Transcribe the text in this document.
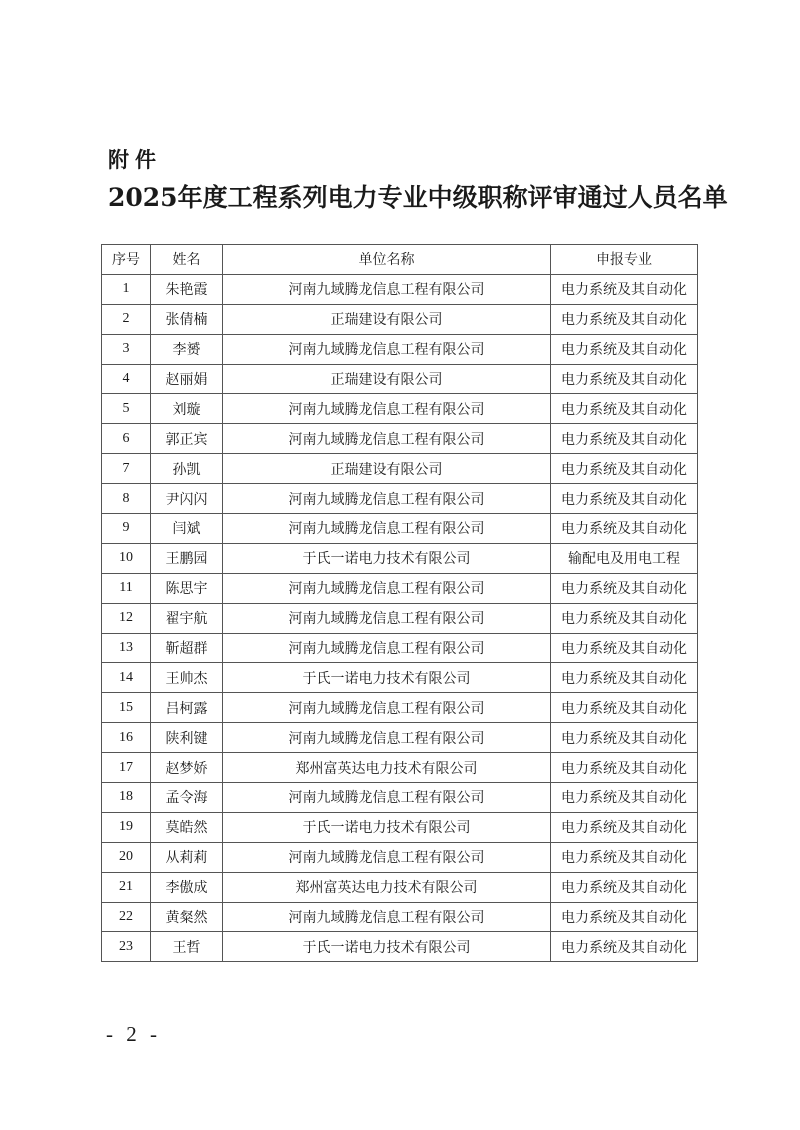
附件

2025年度工程系列电力专业中级职称评审通过人员名单
序号	姓名	单位名称	申报专业
1	朱艳霞	河南九域腾龙信息工程有限公司	电力系统及其自动化
2	张倩楠	正瑞建设有限公司	电力系统及其自动化
3	李赟	河南九域腾龙信息工程有限公司	电力系统及其自动化
4	赵丽娟	正瑞建设有限公司	电力系统及其自动化
5	刘璇	河南九域腾龙信息工程有限公司	电力系统及其自动化
6	郭正宾	河南九域腾龙信息工程有限公司	电力系统及其自动化
7	孙凯	正瑞建设有限公司	电力系统及其自动化
8	尹闪闪	河南九域腾龙信息工程有限公司	电力系统及其自动化
9	闫斌	河南九域腾龙信息工程有限公司	电力系统及其自动化
10	王鹏园	于氏一诺电力技术有限公司	输配电及用电工程
11	陈思宇	河南九域腾龙信息工程有限公司	电力系统及其自动化
12	翟宇航	河南九域腾龙信息工程有限公司	电力系统及其自动化
13	靳超群	河南九域腾龙信息工程有限公司	电力系统及其自动化
14	王帅杰	于氏一诺电力技术有限公司	电力系统及其自动化
15	吕柯露	河南九域腾龙信息工程有限公司	电力系统及其自动化
16	陕利键	河南九域腾龙信息工程有限公司	电力系统及其自动化
17	赵梦娇	郑州富英达电力技术有限公司	电力系统及其自动化
18	孟令海	河南九域腾龙信息工程有限公司	电力系统及其自动化
19	莫皓然	于氏一诺电力技术有限公司	电力系统及其自动化
20	从莉莉	河南九域腾龙信息工程有限公司	电力系统及其自动化
21	李傲成	郑州富英达电力技术有限公司	电力系统及其自动化
22	黄粲然	河南九域腾龙信息工程有限公司	电力系统及其自动化
23	王哲	于氏一诺电力技术有限公司	电力系统及其自动化

- 2 -
